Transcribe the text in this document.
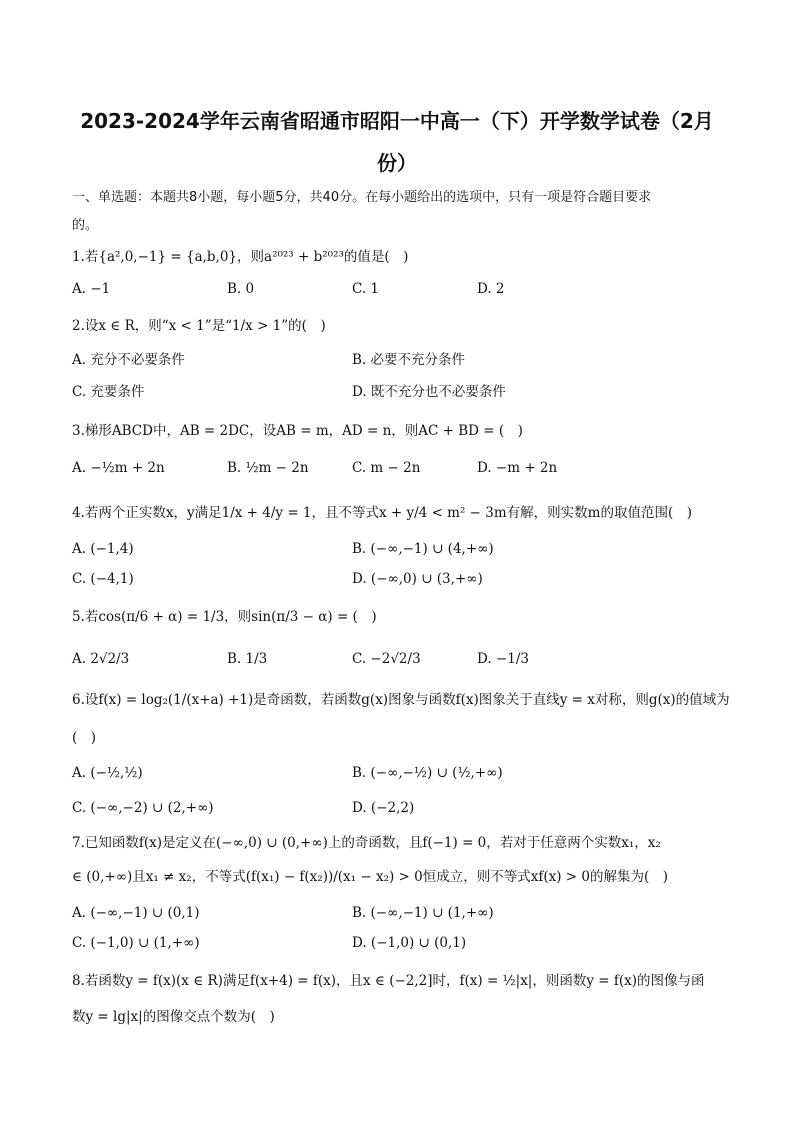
2023-2024学年云南省昭通市昭阳一中高一（下）开学数学试卷（2月
份）
一、单选题：本题共8小题，每小题5分，共40分。在每小题给出的选项中，只有一项是符合题目要求
的。
1.若{a²,0,−1} = {a,b,0}，则a²⁰²³ + b²⁰²³的值是(　)
A. −1	B. 0	C. 1	D. 2
2.设x ∈ R，则“x < 1”是“1/x > 1”的(　)
A. 充分不必要条件	B. 必要不充分条件
C. 充要条件	D. 既不充分也不必要条件
3.梯形ABCD中，AB = 2DC，设AB = m，AD = n，则AC + BD = (　)
A. −½m + 2n	B. ½m − 2n	C. m − 2n	D. −m + 2n
4.若两个正实数x，y满足1/x + 4/y = 1，且不等式x + y/4 < m² − 3m有解，则实数m的取值范围(　)
A. (−1,4)	B. (−∞,−1) ∪ (4,+∞)
C. (−4,1)	D. (−∞,0) ∪ (3,+∞)
5.若cos(π/6 + α) = 1/3，则sin(π/3 − α) = (　)
A. 2√2/3	B. 1/3	C. −2√2/3	D. −1/3
6.设f(x) = log₂(1/(x+a) +1)是奇函数，若函数g(x)图象与函数f(x)图象关于直线y = x对称，则g(x)的值域为
(　)
A. (−½,½)	B. (−∞,−½) ∪ (½,+∞)
C. (−∞,−2) ∪ (2,+∞)	D. (−2,2)
7.已知函数f(x)是定义在(−∞,0) ∪ (0,+∞)上的奇函数，且f(−1) = 0，若对于任意两个实数x₁，x₂
∈ (0,+∞)且x₁ ≠ x₂，不等式(f(x₁) − f(x₂))/(x₁ − x₂) > 0恒成立，则不等式xf(x) > 0的解集为(　)
A. (−∞,−1) ∪ (0,1)	B. (−∞,−1) ∪ (1,+∞)
C. (−1,0) ∪ (1,+∞)	D. (−1,0) ∪ (0,1)
8.若函数y = f(x)(x ∈ R)满足f(x+4) = f(x)，且x ∈ (−2,2]时，f(x) = ½|x|，则函数y = f(x)的图像与函
数y = lg|x|的图像交点个数为(　)
